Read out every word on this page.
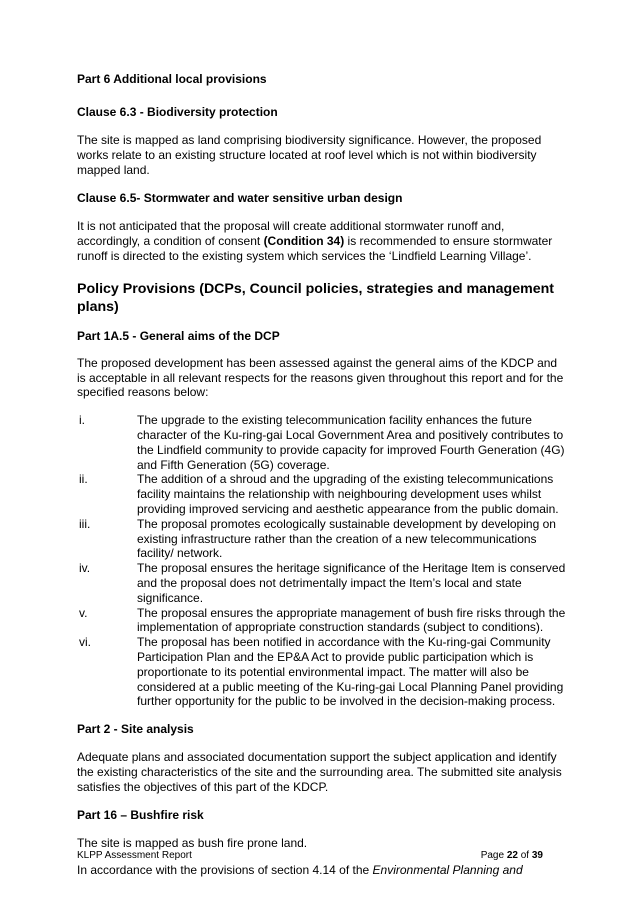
Part 6 Additional local provisions
Clause 6.3 - Biodiversity protection

The site is mapped as land comprising biodiversity significance. However, the proposed works relate to an existing structure located at roof level which is not within biodiversity mapped land.

Clause 6.5- Stormwater and water sensitive urban design

It is not anticipated that the proposal will create additional stormwater runoff and, accordingly, a condition of consent (Condition 34) is recommended to ensure stormwater runoff is directed to the existing system which services the ‘Lindfield Learning Village’.

Policy Provisions (DCPs, Council policies, strategies and management plans)
Part 1A.5 - General aims of the DCP

The proposed development has been assessed against the general aims of the KDCP and is acceptable in all relevant respects for the reasons given throughout this report and for the specified reasons below:

i.	The upgrade to the existing telecommunication facility enhances the future character of the Ku-ring-gai Local Government Area and positively contributes to the Lindfield community to provide capacity for improved Fourth Generation (4G) and Fifth Generation (5G) coverage.
ii.	The addition of a shroud and the upgrading of the existing telecommunications facility maintains the relationship with neighbouring development uses whilst providing improved servicing and aesthetic appearance from the public domain.
iii.	The proposal promotes ecologically sustainable development by developing on existing infrastructure rather than the creation of a new telecommunications facility/ network.
iv.	The proposal ensures the heritage significance of the Heritage Item is conserved and the proposal does not detrimentally impact the Item’s local and state significance.
v.	The proposal ensures the appropriate management of bush fire risks through the implementation of appropriate construction standards (subject to conditions).
vi.	The proposal has been notified in accordance with the Ku-ring-gai Community Participation Plan and the EP&A Act to provide public participation which is proportionate to its potential environmental impact. The matter will also be considered at a public meeting of the Ku-ring-gai Local Planning Panel providing further opportunity for the public to be involved in the decision-making process.
Part 2 - Site analysis

Adequate plans and associated documentation support the subject application and identify the existing characteristics of the site and the surrounding area. The submitted site analysis satisfies the objectives of this part of the KDCP.

Part 16 – Bushfire risk

The site is mapped as bush fire prone land.

In accordance with the provisions of section 4.14 of the Environmental Planning and

KLPP Assessment Report	Page 22 of 39
